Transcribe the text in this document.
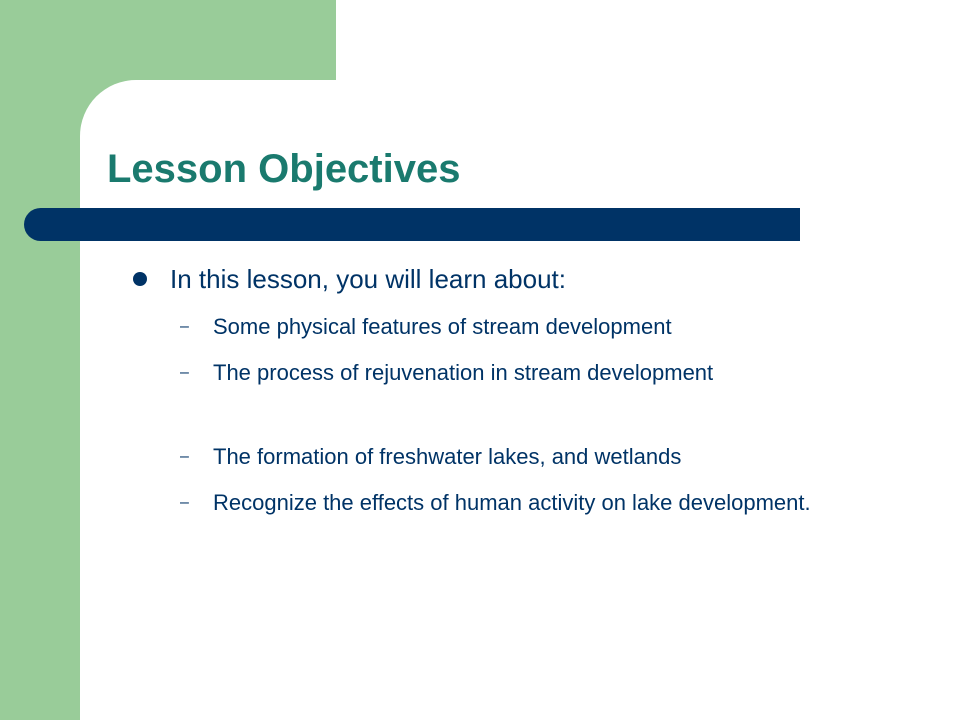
Lesson Objectives
In this lesson, you will learn about:
–	Some physical features of stream development
–	The process of rejuvenation in stream development
–	The formation of freshwater lakes, and wetlands
–	Recognize the effects of human activity on lake development.
